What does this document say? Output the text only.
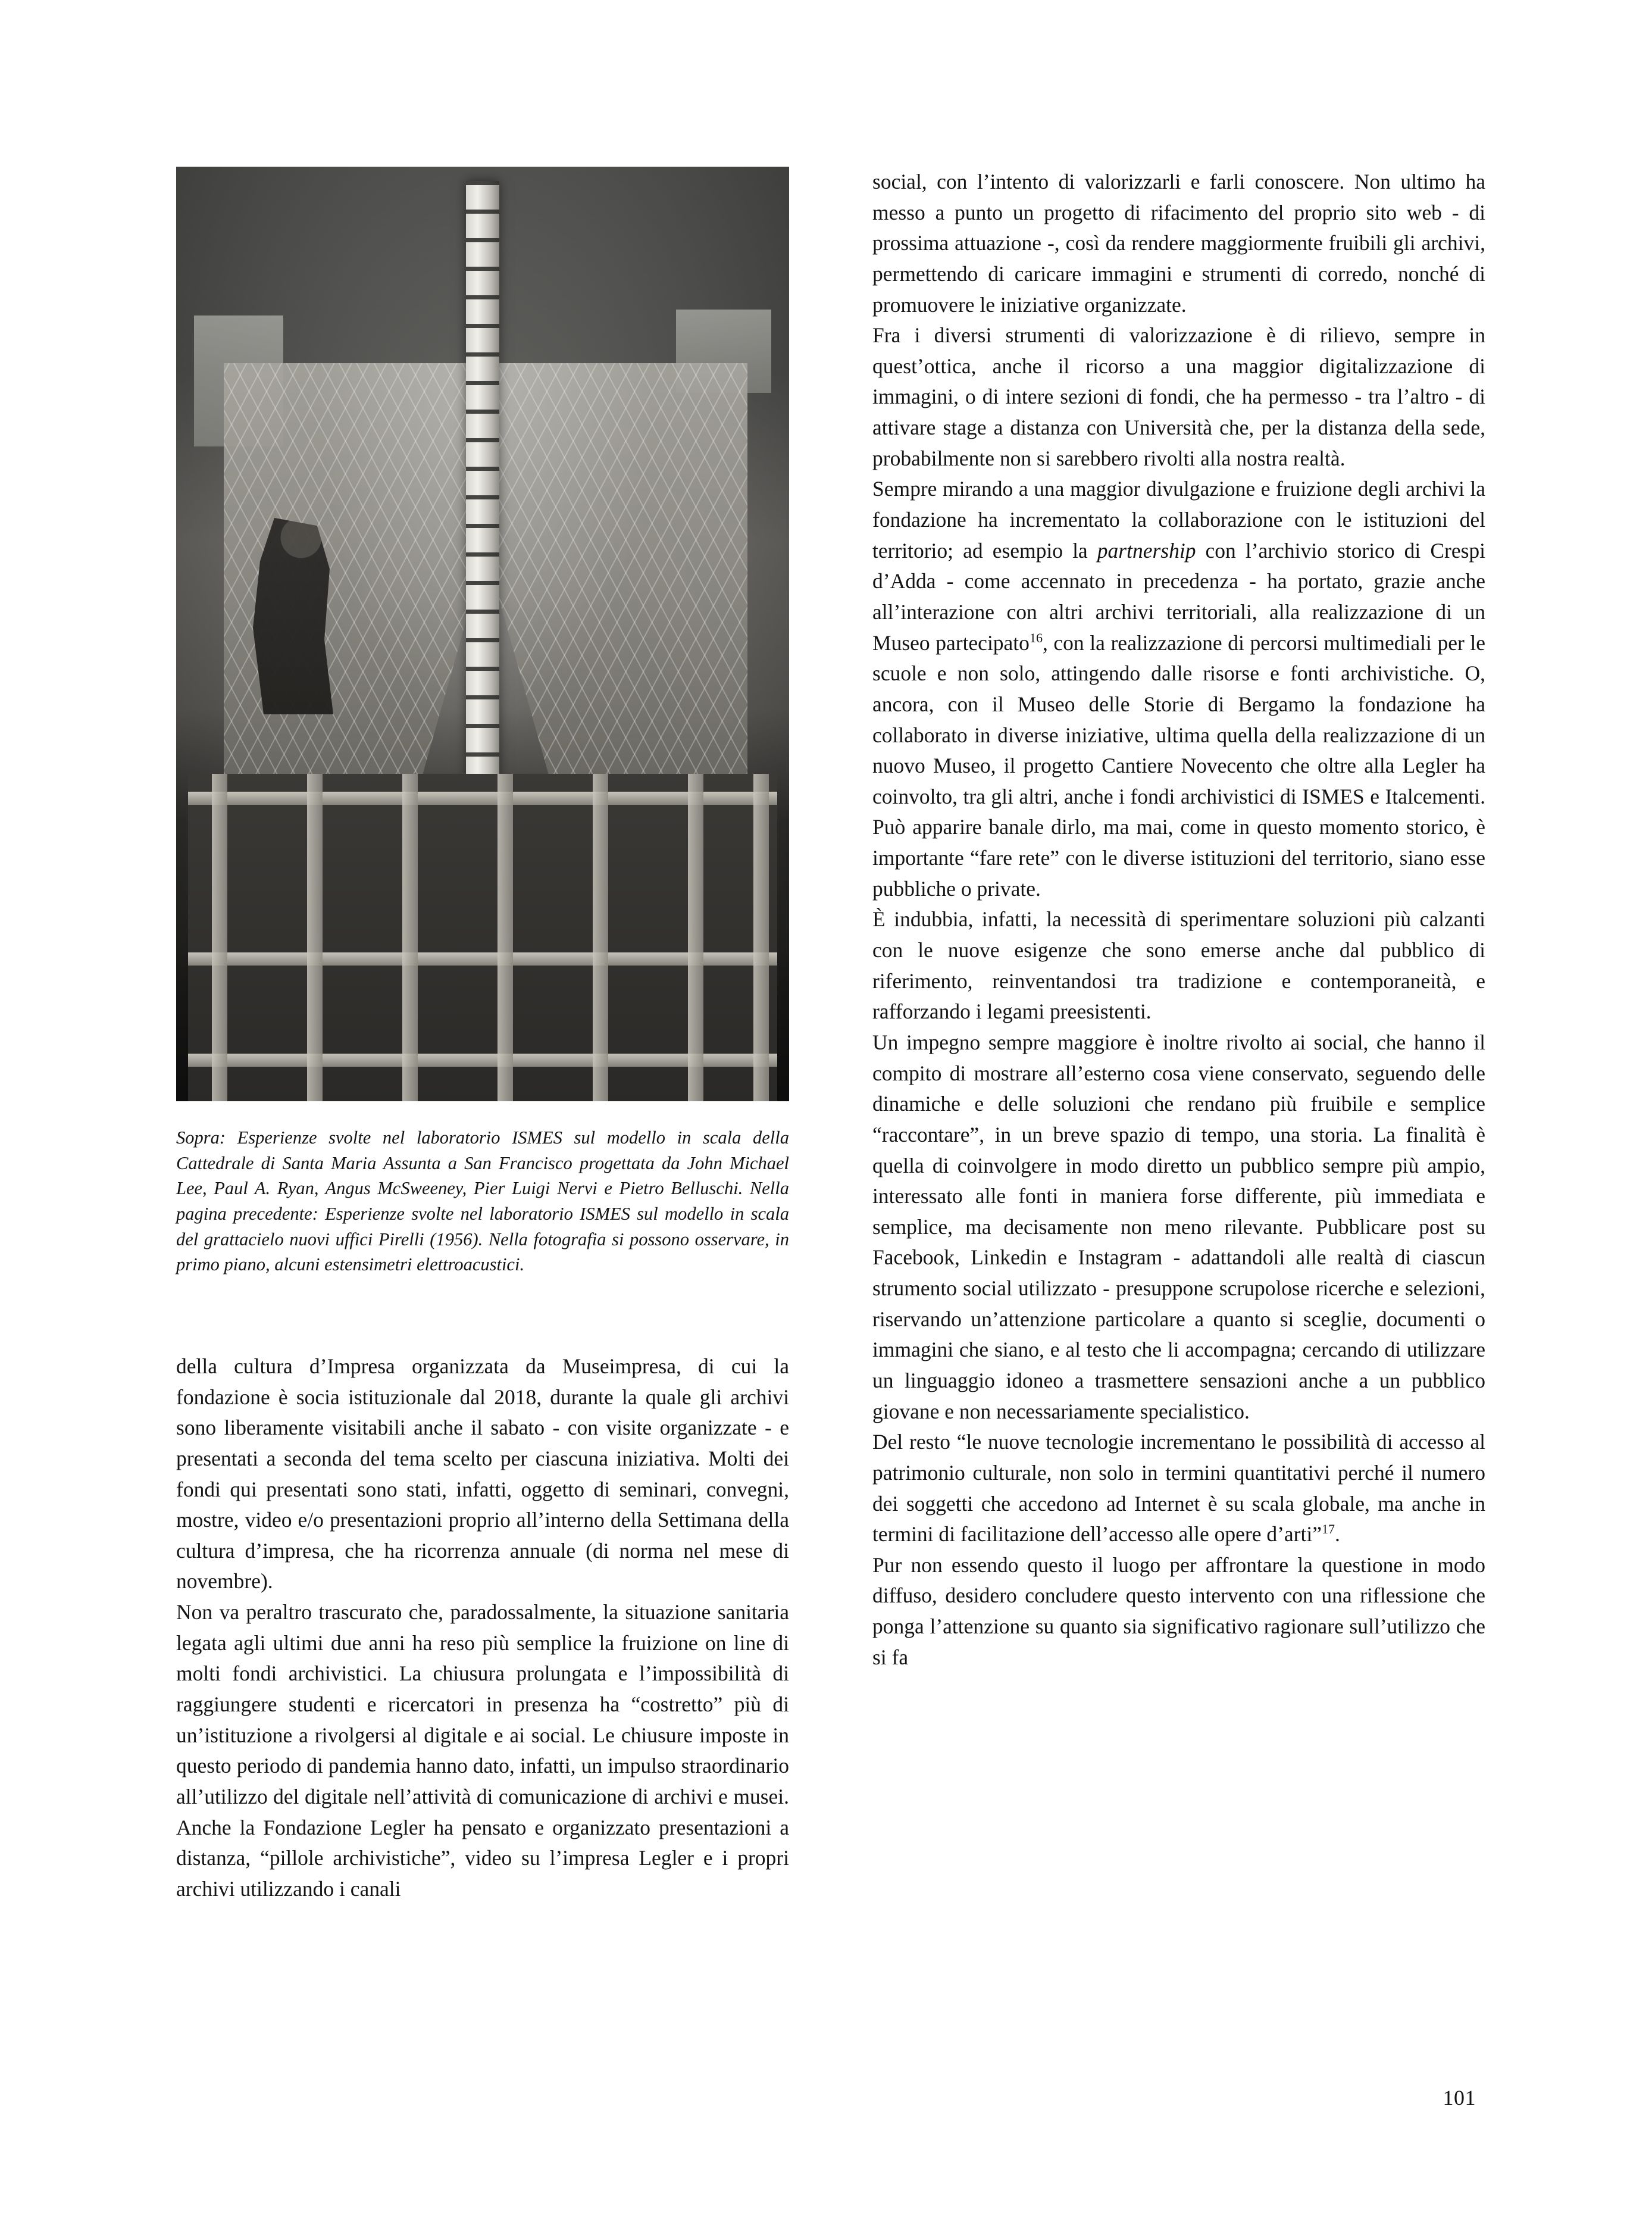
Sopra: Esperienze svolte nel laboratorio ISMES sul modello in scala della Cattedrale di Santa Maria Assunta a San Francisco progettata da John Michael Lee, Paul A. Ryan, Angus McSweeney, Pier Luigi Nervi e Pietro Belluschi. Nella pagina precedente: Esperienze svolte nel laboratorio ISMES sul modello in scala del grattacielo nuovi uffici Pirelli (1956). Nella fotografia si possono osservare, in primo piano, alcuni estensimetri elettroacustici.

della cultura d’Impresa organizzata da Museimpresa, di cui la fondazione è socia istituzionale dal 2018, durante la quale gli archivi sono liberamente visitabili anche il sabato - con visite organizzate - e presentati a seconda del tema scelto per ciascuna iniziativa. Molti dei fondi qui presentati sono stati, infatti, oggetto di seminari, convegni, mostre, video e/o presentazioni proprio all’interno della Settimana della cultura d’impresa, che ha ricorrenza annuale (di norma nel mese di novembre).

Non va peraltro trascurato che, paradossalmente, la situazione sanitaria legata agli ultimi due anni ha reso più semplice la fruizione on line di molti fondi archivistici. La chiusura prolungata e l’impossibilità di raggiungere studenti e ricercatori in presenza ha “costretto” più di un’istituzione a rivolgersi al digitale e ai social. Le chiusure imposte in questo periodo di pandemia hanno dato, infatti, un impulso straordinario all’utilizzo del digitale nell’attività di comunicazione di archivi e musei. Anche la Fondazione Legler ha pensato e organizzato presentazioni a distanza, “pillole archivistiche”, video su l’impresa Legler e i propri archivi utilizzando i canali

social, con l’intento di valorizzarli e farli conoscere. Non ultimo ha messo a punto un progetto di rifacimento del proprio sito web - di prossima attuazione -, così da rendere maggiormente fruibili gli archivi, permettendo di caricare immagini e strumenti di corredo, nonché di promuovere le iniziative organizzate.

Fra i diversi strumenti di valorizzazione è di rilievo, sempre in quest’ottica, anche il ricorso a una maggior digitalizzazione di immagini, o di intere sezioni di fondi, che ha permesso - tra l’altro - di attivare stage a distanza con Università che, per la distanza della sede, probabilmente non si sarebbero rivolti alla nostra realtà.

Sempre mirando a una maggior divulgazione e fruizione degli archivi la fondazione ha incrementato la collaborazione con le istituzioni del territorio; ad esempio la partnership con l’archivio storico di Crespi d’Adda - come accennato in precedenza - ha portato, grazie anche all’interazione con altri archivi territoriali, alla realizzazione di un Museo partecipato$^{16}$, con la realizzazione di percorsi multimediali per le scuole e non solo, attingendo dalle risorse e fonti archivistiche. O, ancora, con il Museo delle Storie di Bergamo la fondazione ha collaborato in diverse iniziative, ultima quella della realizzazione di un nuovo Museo, il progetto Cantiere Novecento che oltre alla Legler ha coinvolto, tra gli altri, anche i fondi archivistici di ISMES e Italcementi. Può apparire banale dirlo, ma mai, come in questo momento storico, è importante “fare rete” con le diverse istituzioni del territorio, siano esse pubbliche o private.

È indubbia, infatti, la necessità di sperimentare soluzioni più calzanti con le nuove esigenze che sono emerse anche dal pubblico di riferimento, reinventandosi tra tradizione e contemporaneità, e rafforzando i legami preesistenti.

Un impegno sempre maggiore è inoltre rivolto ai social, che hanno il compito di mostrare all’esterno cosa viene conservato, seguendo delle dinamiche e delle soluzioni che rendano più fruibile e semplice “raccontare”, in un breve spazio di tempo, una storia. La finalità è quella di coinvolgere in modo diretto un pubblico sempre più ampio, interessato alle fonti in maniera forse differente, più immediata e semplice, ma decisamente non meno rilevante. Pubblicare post su Facebook, Linkedin e Instagram - adattandoli alle realtà di ciascun strumento social utilizzato - presuppone scrupolose ricerche e selezioni, riservando un’attenzione particolare a quanto si sceglie, documenti o immagini che siano, e al testo che li accompagna; cercando di utilizzare un linguaggio idoneo a trasmettere sensazioni anche a un pubblico giovane e non necessariamente specialistico.

Del resto “le nuove tecnologie incrementano le possibilità di accesso al patrimonio culturale, non solo in termini quantitativi perché il numero dei soggetti che accedono ad Internet è su scala globale, ma anche in termini di facilitazione dell’accesso alle opere d’arti”$^{17}$.

Pur non essendo questo il luogo per affrontare la questione in modo diffuso, desidero concludere questo intervento con una riflessione che ponga l’attenzione su quanto sia significativo ragionare sull’utilizzo che si fa

101
